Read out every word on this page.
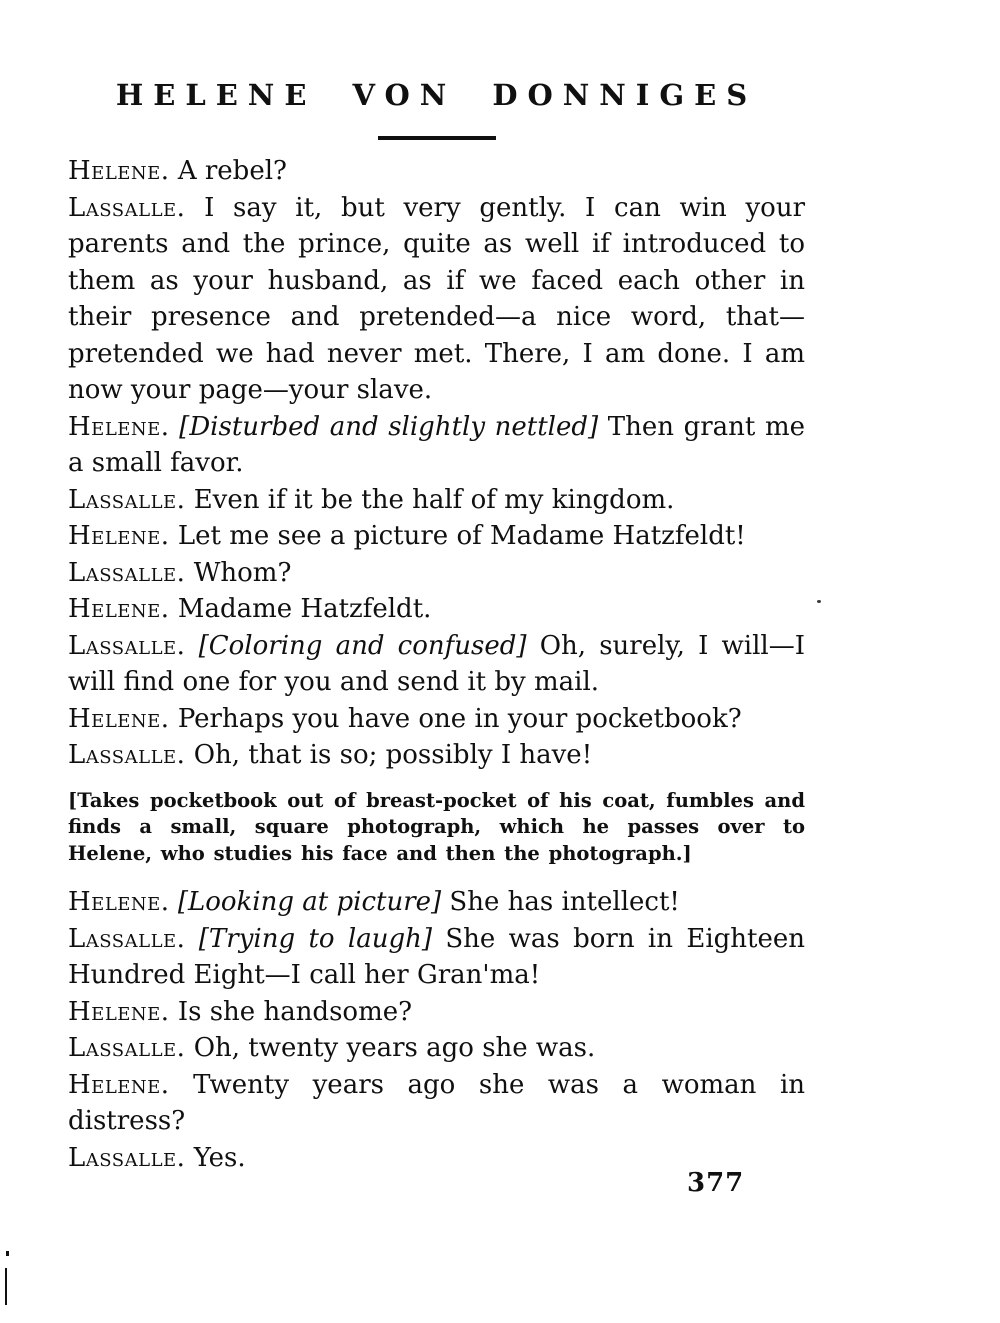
HELENE VON DONNIGES

Helene. A rebel?

Lassalle. I say it, but very gently. I can win your parents and the prince, quite as well if introduced to them as your husband, as if we faced each other in their presence and pretended—a nice word, that—pretended we had never met. There, I am done. I am now your page—your slave.

Helene. [Disturbed and slightly nettled] Then grant me a small favor.

Lassalle. Even if it be the half of my kingdom.

Helene. Let me see a picture of Madame Hatzfeldt!

Lassalle. Whom?

Helene. Madame Hatzfeldt.

Lassalle. [Coloring and confused] Oh, surely, I will—I will find one for you and send it by mail.

Helene. Perhaps you have one in your pocketbook?

Lassalle. Oh, that is so; possibly I have!

[Takes pocketbook out of breast-pocket of his coat, fumbles and finds a small, square photograph, which he passes over to Helene, who studies his face and then the photograph.]

Helene. [Looking at picture] She has intellect!

Lassalle. [Trying to laugh] She was born in Eighteen Hundred Eight—I call her Gran'ma!

Helene. Is she handsome?

Lassalle. Oh, twenty years ago she was.

Helene. Twenty years ago she was a woman in distress?

Lassalle. Yes.

377
